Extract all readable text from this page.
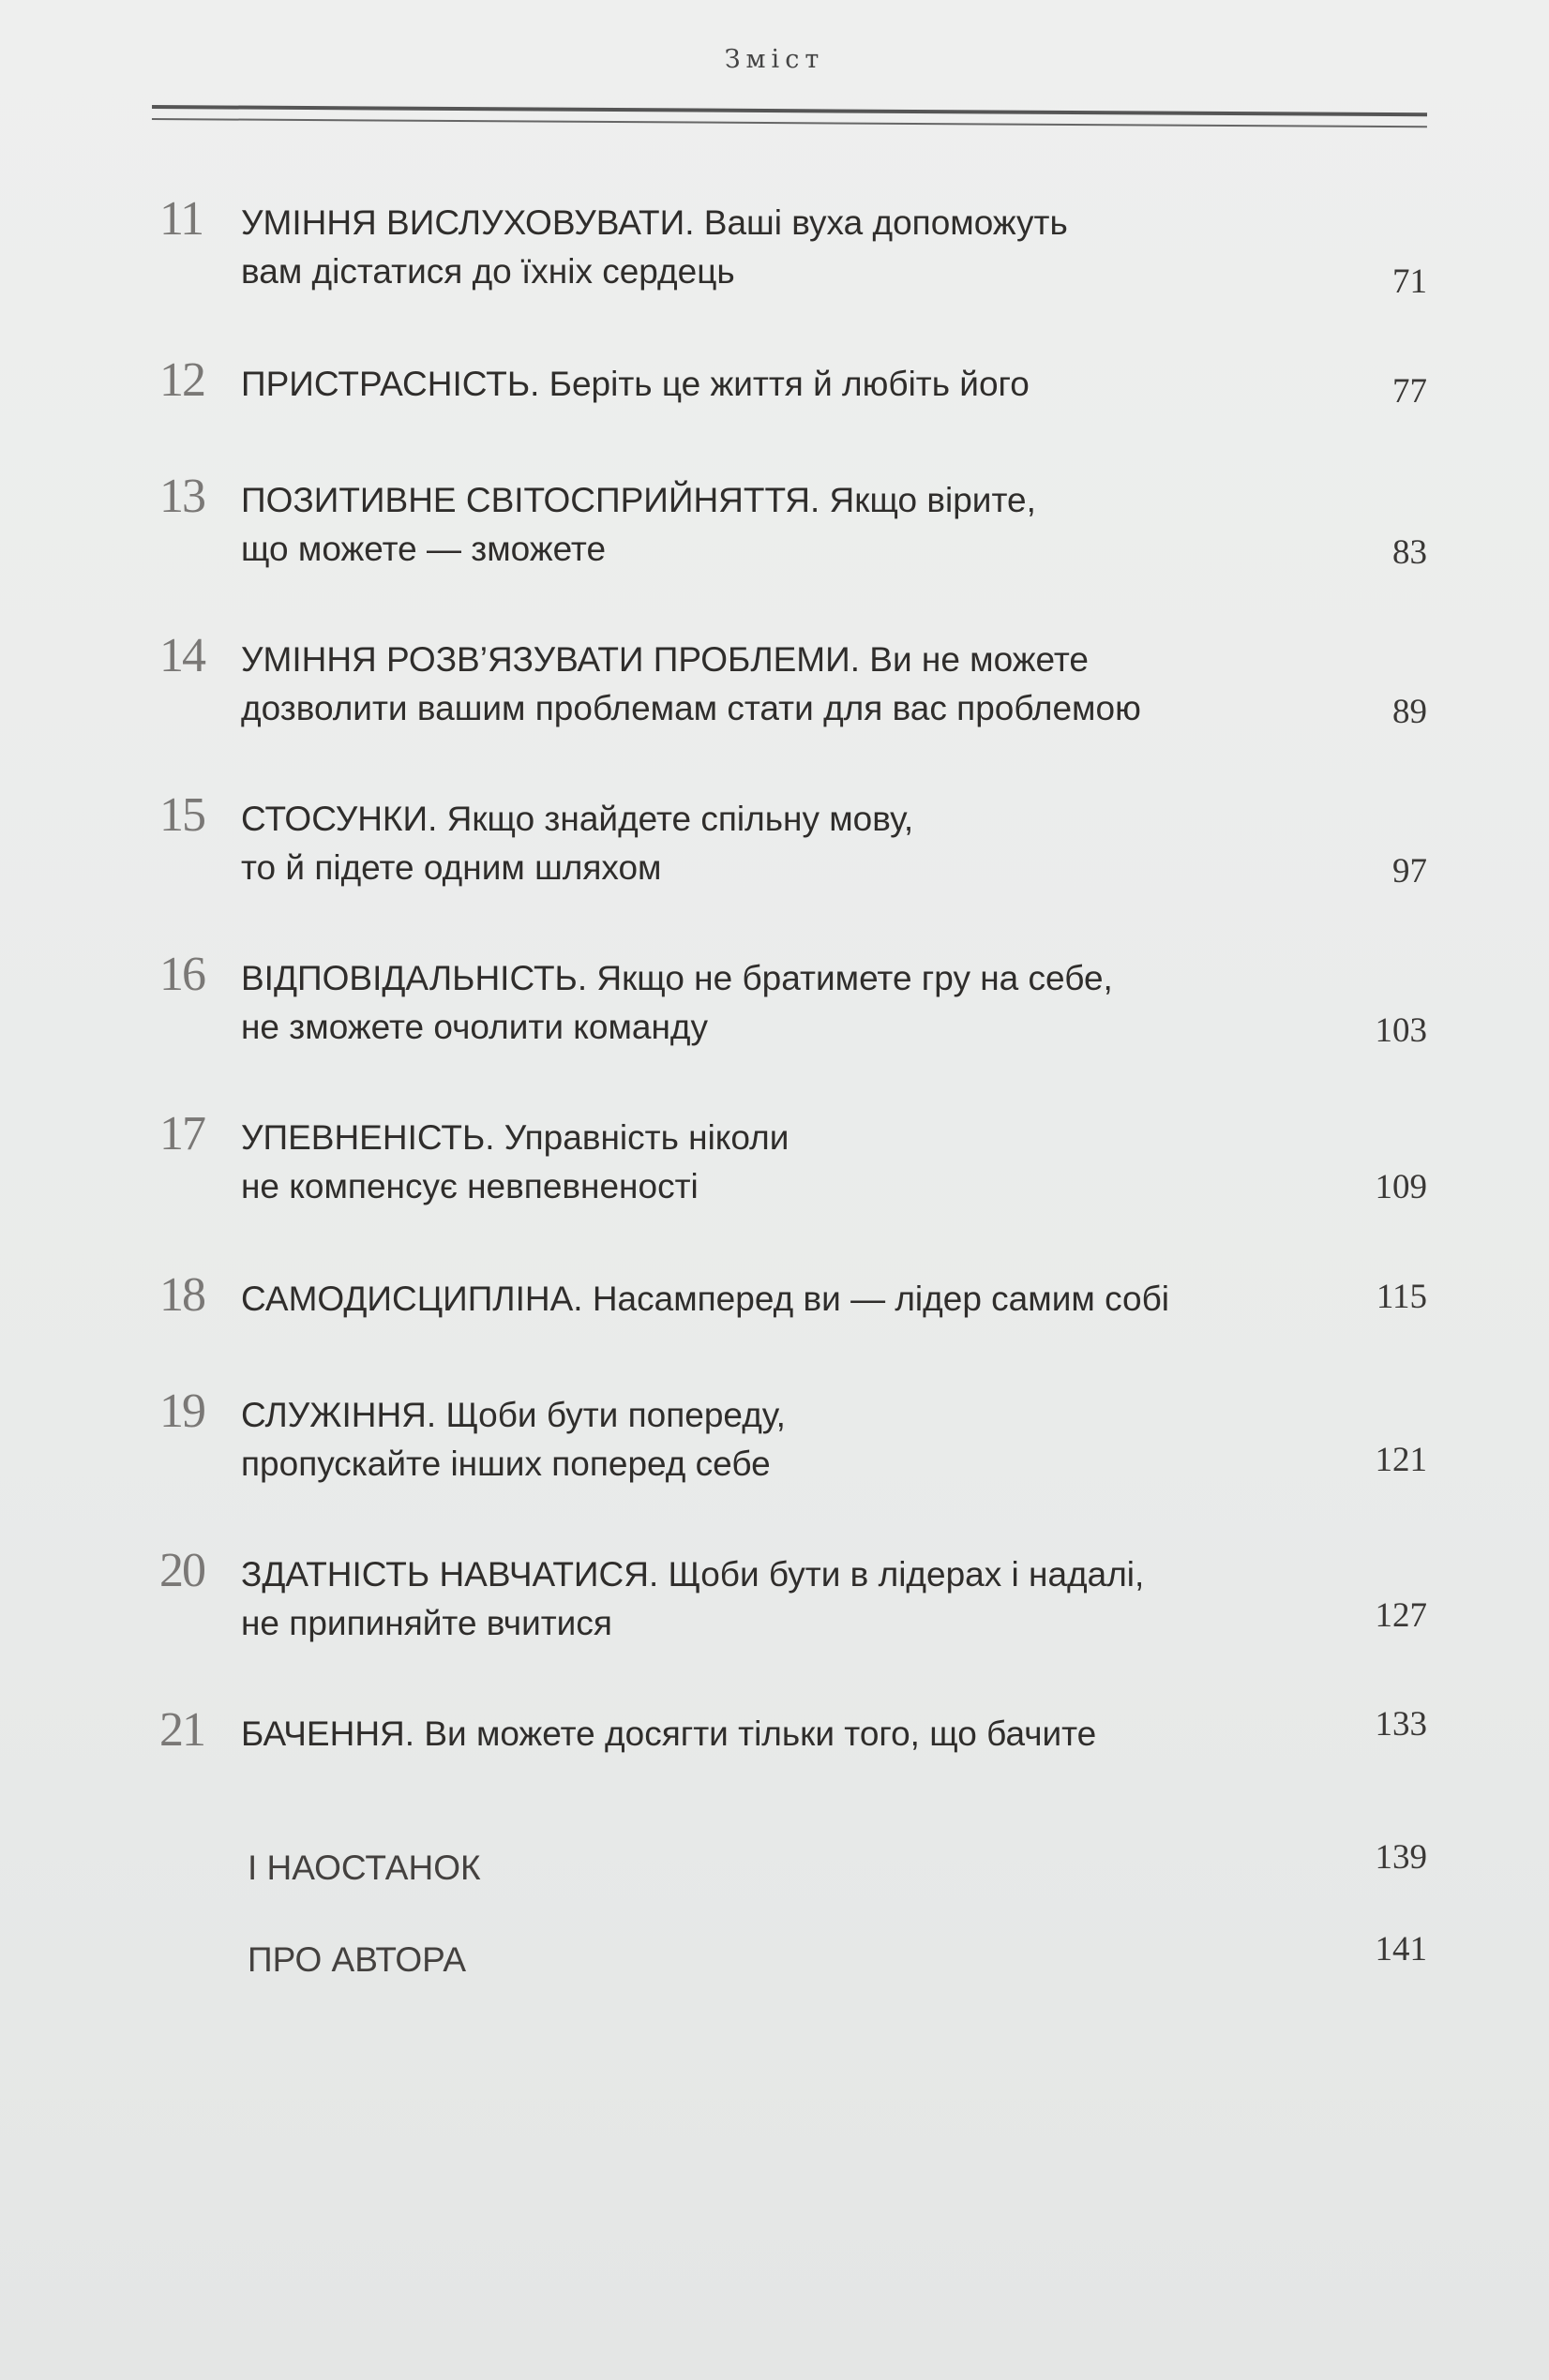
Зміст
11 УМІННЯ ВИСЛУХОВУВАТИ. Ваші вуха допоможуть
вам дістатися до їхніх сердець	71
12 ПРИСТРАСНІСТЬ. Беріть це життя й любіть його	77
13 ПОЗИТИВНЕ СВІТОСПРИЙНЯТТЯ. Якщо вірите,
що можете — зможете	83
14 УМІННЯ РОЗВ’ЯЗУВАТИ ПРОБЛЕМИ. Ви не можете
дозволити вашим проблемам стати для вас проблемою	89
15 СТОСУНКИ. Якщо знайдете спільну мову,
то й підете одним шляхом	97
16 ВІДПОВІДАЛЬНІСТЬ. Якщо не братимете гру на себе,
не зможете очолити команду	103
17 УПЕВНЕНІСТЬ. Управність ніколи
не компенсує невпевненості	109
18 САМОДИСЦИПЛІНА. Насамперед ви — лідер самим собі	115
19 СЛУЖІННЯ. Щоби бути попереду,
пропускайте інших поперед себе	121
20 ЗДАТНІСТЬ НАВЧАТИСЯ. Щоби бути в лідерах і надалі,
не припиняйте вчитися	127
21 БАЧЕННЯ. Ви можете досягти тільки того, що бачите	133
І НАОСТАНОК	139
ПРО АВТОРА	141
